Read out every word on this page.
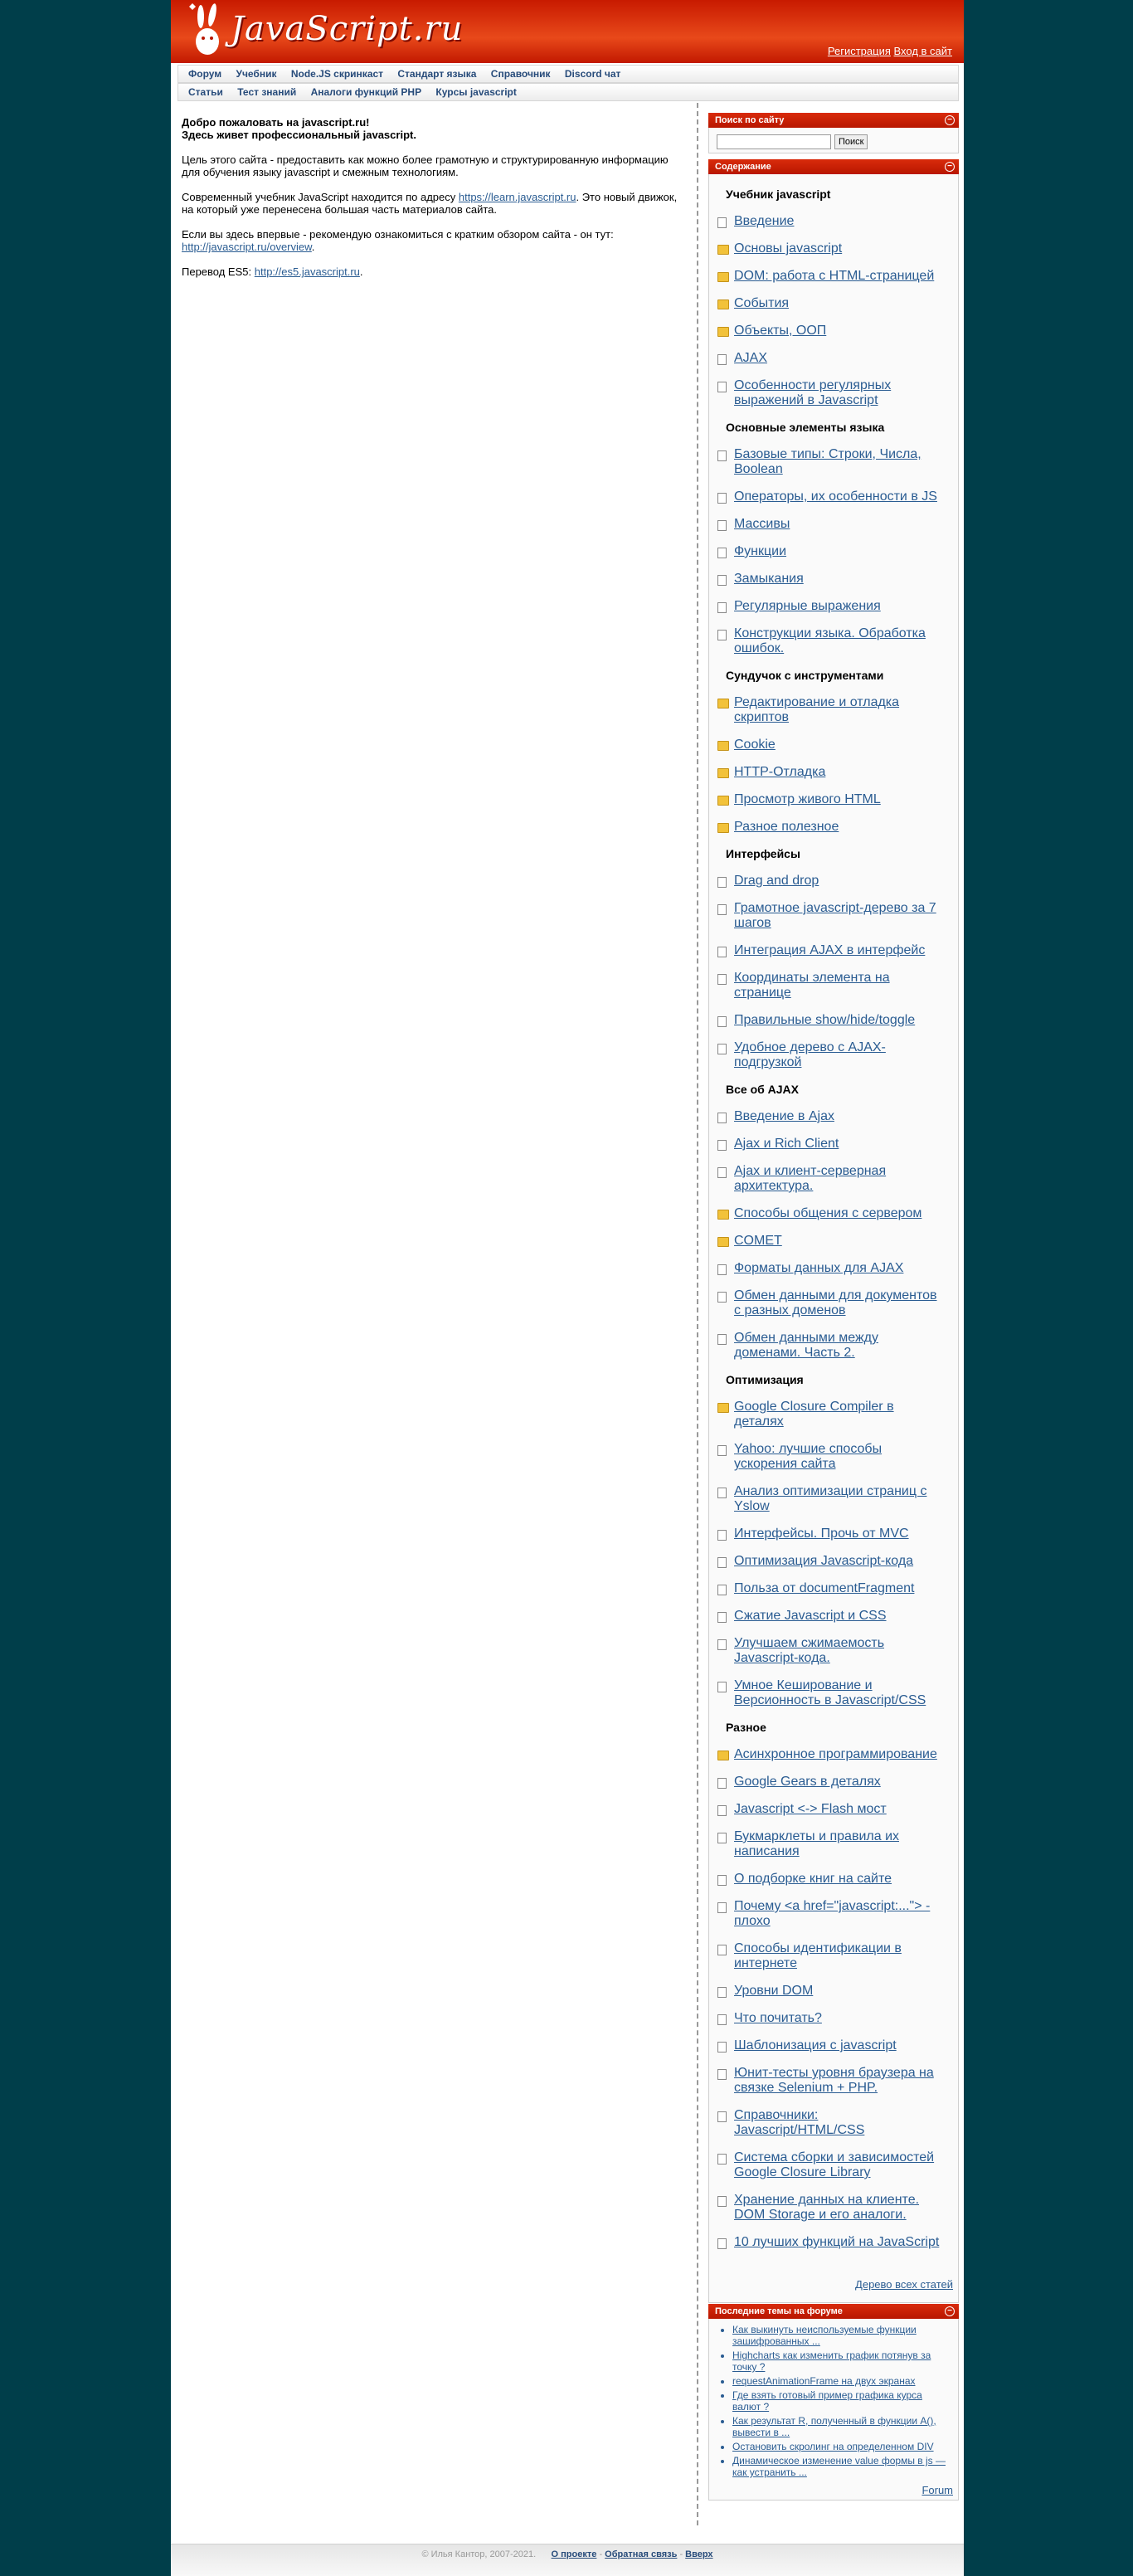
JavaScript.ru
Регистрация Вход в сайт
Форум Учебник Node.JS скринкаст Стандарт языка Справочник Discord чат
Статьи Тест знаний Аналоги функций PHP Курсы javascript

Добро пожаловать на javascript.ru!
Здесь живет профессиональный javascript.

Цель этого сайта - предоставить как можно более грамотную и структурированную информацию для обучения языку javascript и смежным технологиям.

Современный учебник JavaScript находится по адресу https://learn.javascript.ru. Это новый движок, на который уже перенесена большая часть материалов сайта.

Если вы здесь впервые - рекомендую ознакомиться с кратким обзором сайта - он тут: http://javascript.ru/overview.

Перевод ES5: http://es5.javascript.ru.

Поиск по сайту	−
Поиск
Содержание	−
Дерево всех статей
Учебник javascript
Введение
Основы javascript
DOM: работа с HTML-страницей
События
Объекты, ООП
AJAX
Особенности регулярных выражений в Javascript
Основные элементы языка
Базовые типы: Строки, Числа, Boolean
Операторы, их особенности в JS
Массивы
Функции
Замыкания
Регулярные выражения
Конструкции языка. Обработка ошибок.
Сундучок с инструментами
Редактирование и отладка скриптов
Cookie
HTTP-Отладка
Просмотр живого HTML
Разное полезное
Интерфейсы
Drag and drop
Грамотное javascript-дерево за 7 шагов
Интеграция AJAX в интерфейс
Координаты элемента на странице
Правильные show/hide/toggle
Удобное дерево с AJAX-подгрузкой
Все об AJAX
Введение в Ajax
Ajax и Rich Client
Ajax и клиент-серверная архитектура.
Способы общения с сервером
COMET
Форматы данных для AJAX
Обмен данными для документов с разных доменов
Обмен данными между доменами. Часть 2.
Оптимизация
Google Closure Compiler в деталях
Yahoo: лучшие способы ускорения сайта
Анализ оптимизации страниц c Yslow
Интерфейсы. Прочь от MVC
Оптимизация Javascript-кода
Польза от documentFragment
Сжатие Javascript и CSS
Улучшаем сжимаемость Javascript-кода.
Умное Кеширование и Версионность в Javascript/CSS
Разное
Асинхронное программирование
Google Gears в деталях
Javascript <-> Flash мост
Букмарклеты и правила их написания
О подборке книг на сайте
Почему <a href="javascript:..."> - плохо
Способы идентификации в интернете
Уровни DOM
Что почитать?
Шаблонизация с javascript
Юнит-тесты уровня браузера на связке Selenium + PHP.
Справочники: Javascript/HTML/CSS
Система сборки и зависимостей Google Closure Library
Хранение данных на клиенте. DOM Storage и его аналоги.
10 лучших функций на JavaScript
Последние темы на форуме	−
• Как выкинуть неиспользуемые функции зашифрованных ...
• Highcharts как изменить график потянув за точку ?
• requestAnimationFrame на двух экранах
• Где взять готовый пример графика курса валют ?
• Как результат R, полученный в функции A(), вывести в ...
• Остановить скролинг на определенном DIV
• Динамическое изменение value формы в js — как устранить ...
Forum
© Илья Кантор, 2007-2021. О проекте - Обратная связь - Вверх
